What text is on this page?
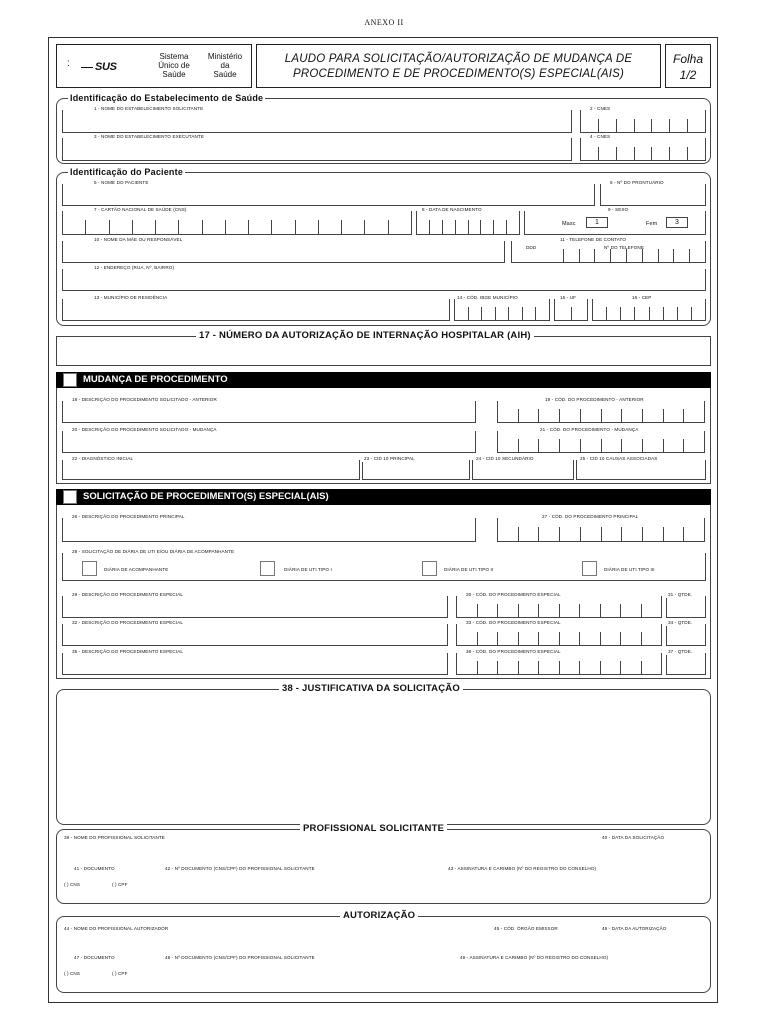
ANEXO II
: SUS
Sistema
Único de
Saúde
Ministério
da
Saúde
LAUDO PARA SOLICITAÇÃO/AUTORIZAÇÃO DE MUDANÇA DE
PROCEDIMENTO E DE PROCEDIMENTO(S) ESPECIAL(AIS)
Folha
1/2
Identificação do Estabelecimento de Saúde
1 - NOME DO ESTABELECIMENTO SOLICITANTE	2 - CNES
3 - NOME DO ESTABELECIMENTO EXECUTANTE	4 - CNES
Identificação do Paciente
5 - NOME DO PACIENTE	6 - Nº DO PRONTUÁRIO
7 - CARTÃO NACIONAL DE SAÚDE (CNS)	8 - DATA DE NASCIMENTO	9 - SEXO
Masc	1	Fem	3
10 - NOME DA MÃE OU RESPONSÁVEL	11 - TELEFONE DE CONTATO
DDD	Nº DO TELEFONE
12 - ENDEREÇO (RUA, Nº, BAIRRO)
13 - MUNICÍPIO DE RESIDÊNCIA	14 - CÓD. IBGE MUNICÍPIO	15 - UF	16 - CEP
17 - NÚMERO DA AUTORIZAÇÃO DE INTERNAÇÃO HOSPITALAR (AIH)
MUDANÇA DE PROCEDIMENTO
18 - DESCRIÇÃO DO PROCEDIMENTO SOLICITADO - ANTERIOR	19 - CÓD. DO PROCEDIMENTO - ANTERIOR
20 - DESCRIÇÃO DO PROCEDIMENTO SOLICITADO - MUDANÇA	21 - CÓD. DO PROCEDIMENTO - MUDANÇA
22 - DIAGNÓSTICO INICIAL	23 - CID 10 PRINCIPAL	24 - CID 10 SECUNDÁRIO	25 - CID 10 CAUSAS ASSOCIADAS
SOLICITAÇÃO DE PROCEDIMENTO(S) ESPECIAL(AIS)
26 - DESCRIÇÃO DO PROCEDIMENTO PRINCIPAL	27 - CÓD. DO PROCEDIMENTO PRINCIPAL
28 - SOLICITAÇÃO DE DIÁRIA DE UTI E/OU DIÁRIA DE ACOMPANHANTE
DIÁRIA DE ACOMPANHANTE	DIÁRIA DE UTI TIPO I	DIÁRIA DE UTI TIPO II	DIÁRIA DE UTI TIPO III
29 - DESCRIÇÃO DO PROCEDIMENTO ESPECIAL	30 - CÓD. DO PROCEDIMENTO ESPECIAL	31 - QTDE.
32 - DESCRIÇÃO DO PROCEDIMENTO ESPECIAL	33 - CÓD. DO PROCEDIMENTO ESPECIAL	34 - QTDE.
35 - DESCRIÇÃO DO PROCEDIMENTO ESPECIAL	36 - CÓD. DO PROCEDIMENTO ESPECIAL	37 - QTDE.
38 - JUSTIFICATIVA DA SOLICITAÇÃO
PROFISSIONAL SOLICITANTE
39 - NOME DO PROFISSIONAL SOLICITANTE	40 - DATA DA SOLICITAÇÃO
41 - DOCUMENTO	42 - Nº DOCUMENTO (CNS/CPF) DO PROFISSIONAL SOLICITANTE	43 - ASSINATURA E CARIMBO (Nº DO REGISTRO DO CONSELHO)
( ) CNS	( ) CPF
AUTORIZAÇÃO
44 - NOME DO PROFISSIONAL AUTORIZADOR	45 - CÓD. ÓRGÃO EMISSOR	46 - DATA DA AUTORIZAÇÃO
47 - DOCUMENTO	48 - Nº DOCUMENTO (CNS/CPF) DO PROFISSIONAL SOLICITANTE	49 - ASSINATURA E CARIMBO (Nº DO REGISTRO DO CONSELHO)
( ) CNS	( ) CPF
